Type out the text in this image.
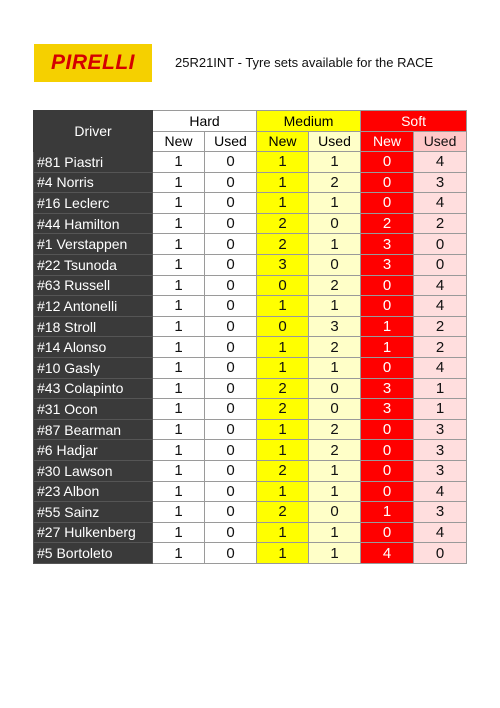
PIRELLI	25R21INT - Tyre sets available for the RACE
Driver	Hard		Medium		Soft	
	New	Used	New	Used	New	Used
#81 Piastri	1	0	1	1	0	4
#4 Norris	1	0	1	2	0	3
#16 Leclerc	1	0	1	1	0	4
#44 Hamilton	1	0	2	0	2	2
#1 Verstappen	1	0	2	1	3	0
#22 Tsunoda	1	0	3	0	3	0
#63 Russell	1	0	0	2	0	4
#12 Antonelli	1	0	1	1	0	4
#18 Stroll	1	0	0	3	1	2
#14 Alonso	1	0	1	2	1	2
#10 Gasly	1	0	1	1	0	4
#43 Colapinto	1	0	2	0	3	1
#31 Ocon	1	0	2	0	3	1
#87 Bearman	1	0	1	2	0	3
#6 Hadjar	1	0	1	2	0	3
#30 Lawson	1	0	2	1	0	3
#23 Albon	1	0	1	1	0	4
#55 Sainz	1	0	2	0	1	3
#27 Hulkenberg	1	0	1	1	0	4
#5 Bortoleto	1	0	1	1	4	0
